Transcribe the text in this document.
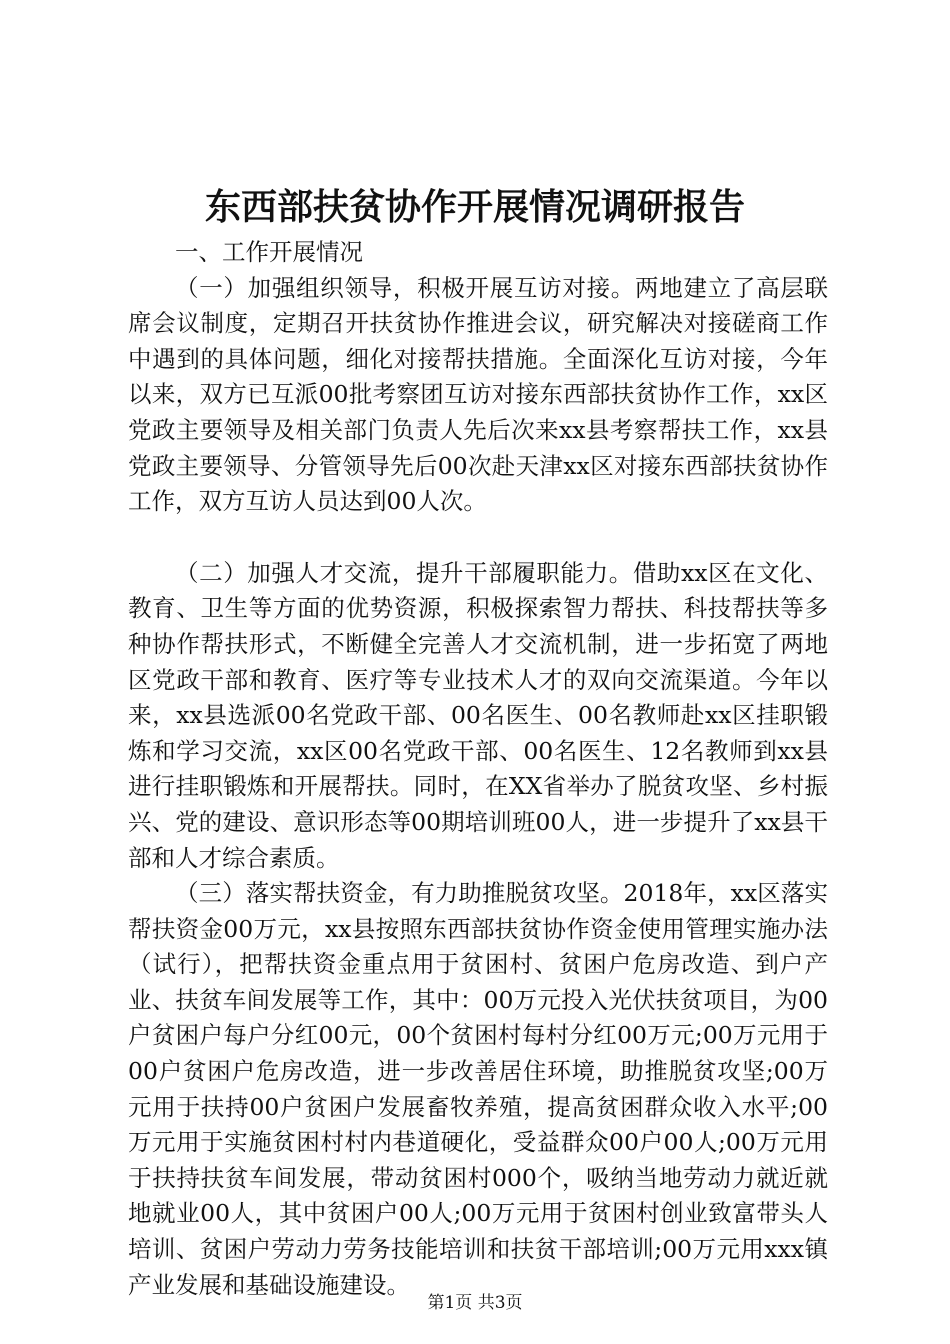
东西部扶贫协作开展情况调研报告

一、工作开展情况

（一）加强组织领导，积极开展互访对接。两地建立了高层联席会议制度，定期召开扶贫协作推进会议，研究解决对接磋商工作中遇到的具体问题，细化对接帮扶措施。全面深化互访对接，今年以来，双方已互派00批考察团互访对接东西部扶贫协作工作，xx区党政主要领导及相关部门负责人先后次来xx县考察帮扶工作，xx县党政主要领导、分管领导先后00次赴天津xx区对接东西部扶贫协作工作，双方互访人员达到00人次。

（二）加强人才交流，提升干部履职能力。借助xx区在文化、教育、卫生等方面的优势资源，积极探索智力帮扶、科技帮扶等多种协作帮扶形式，不断健全完善人才交流机制，进一步拓宽了两地区党政干部和教育、医疗等专业技术人才的双向交流渠道。今年以来，xx县选派00名党政干部、00名医生、00名教师赴xx区挂职锻炼和学习交流，xx区00名党政干部、00名医生、12名教师到xx县进行挂职锻炼和开展帮扶。同时，在XX省举办了脱贫攻坚、乡村振兴、党的建设、意识形态等00期培训班00人，进一步提升了xx县干部和人才综合素质。

（三）落实帮扶资金，有力助推脱贫攻坚。2018年，xx区落实帮扶资金00万元，xx县按照东西部扶贫协作资金使用管理实施办法（试行），把帮扶资金重点用于贫困村、贫困户危房改造、到户产业、扶贫车间发展等工作，其中：00万元投入光伏扶贫项目，为00户贫困户每户分红00元，00个贫困村每村分红00万元;00万元用于00户贫困户危房改造，进一步改善居住环境，助推脱贫攻坚;00万元用于扶持00户贫困户发展畜牧养殖，提高贫困群众收入水平;00万元用于实施贫困村村内巷道硬化，受益群众00户00人;00万元用于扶持扶贫车间发展，带动贫困村000个，吸纳当地劳动力就近就地就业00人，其中贫困户00人;00万元用于贫困村创业致富带头人培训、贫困户劳动力劳务技能培训和扶贫干部培训;00万元用xxx镇产业发展和基础设施建设。

第1页 共3页
